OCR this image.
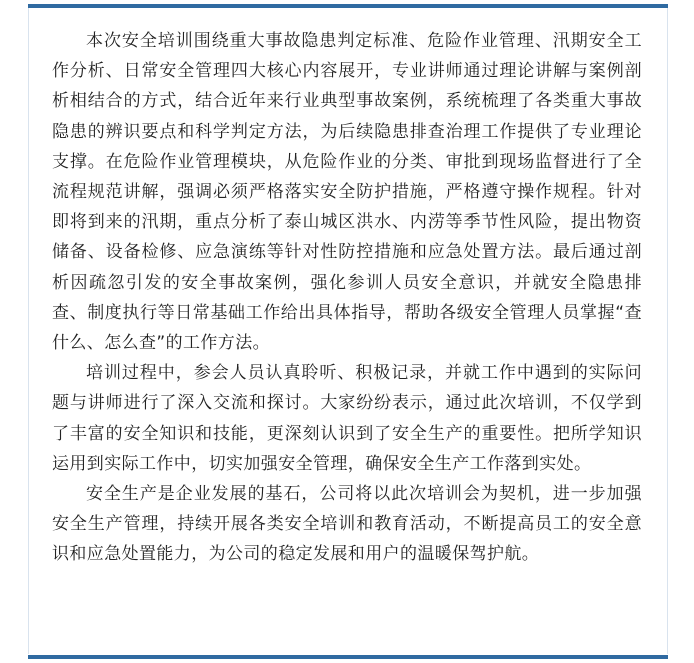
本次安全培训围绕重大事故隐患判定标准、危险作业管理、汛期安全工作分析、日常安全管理四大核心内容展开，专业讲师通过理论讲解与案例剖析相结合的方式，结合近年来行业典型事故案例，系统梳理了各类重大事故隐患的辨识要点和科学判定方法，为后续隐患排查治理工作提供了专业理论支撑。在危险作业管理模块，从危险作业的分类、审批到现场监督进行了全流程规范讲解，强调必须严格落实安全防护措施，严格遵守操作规程。针对即将到来的汛期，重点分析了泰山城区洪水、内涝等季节性风险，提出物资储备、设备检修、应急演练等针对性防控措施和应急处置方法。最后通过剖析因疏忽引发的安全事故案例，强化参训人员安全意识，并就安全隐患排查、制度执行等日常基础工作给出具体指导，帮助各级安全管理人员掌握“查什么、怎么查”的工作方法。

培训过程中，参会人员认真聆听、积极记录，并就工作中遇到的实际问题与讲师进行了深入交流和探讨。大家纷纷表示，通过此次培训，不仅学到了丰富的安全知识和技能，更深刻认识到了安全生产的重要性。把所学知识运用到实际工作中，切实加强安全管理，确保安全生产工作落到实处。

安全生产是企业发展的基石，公司将以此次培训会为契机，进一步加强安全生产管理，持续开展各类安全培训和教育活动，不断提高员工的安全意识和应急处置能力，为公司的稳定发展和用户的温暖保驾护航。
